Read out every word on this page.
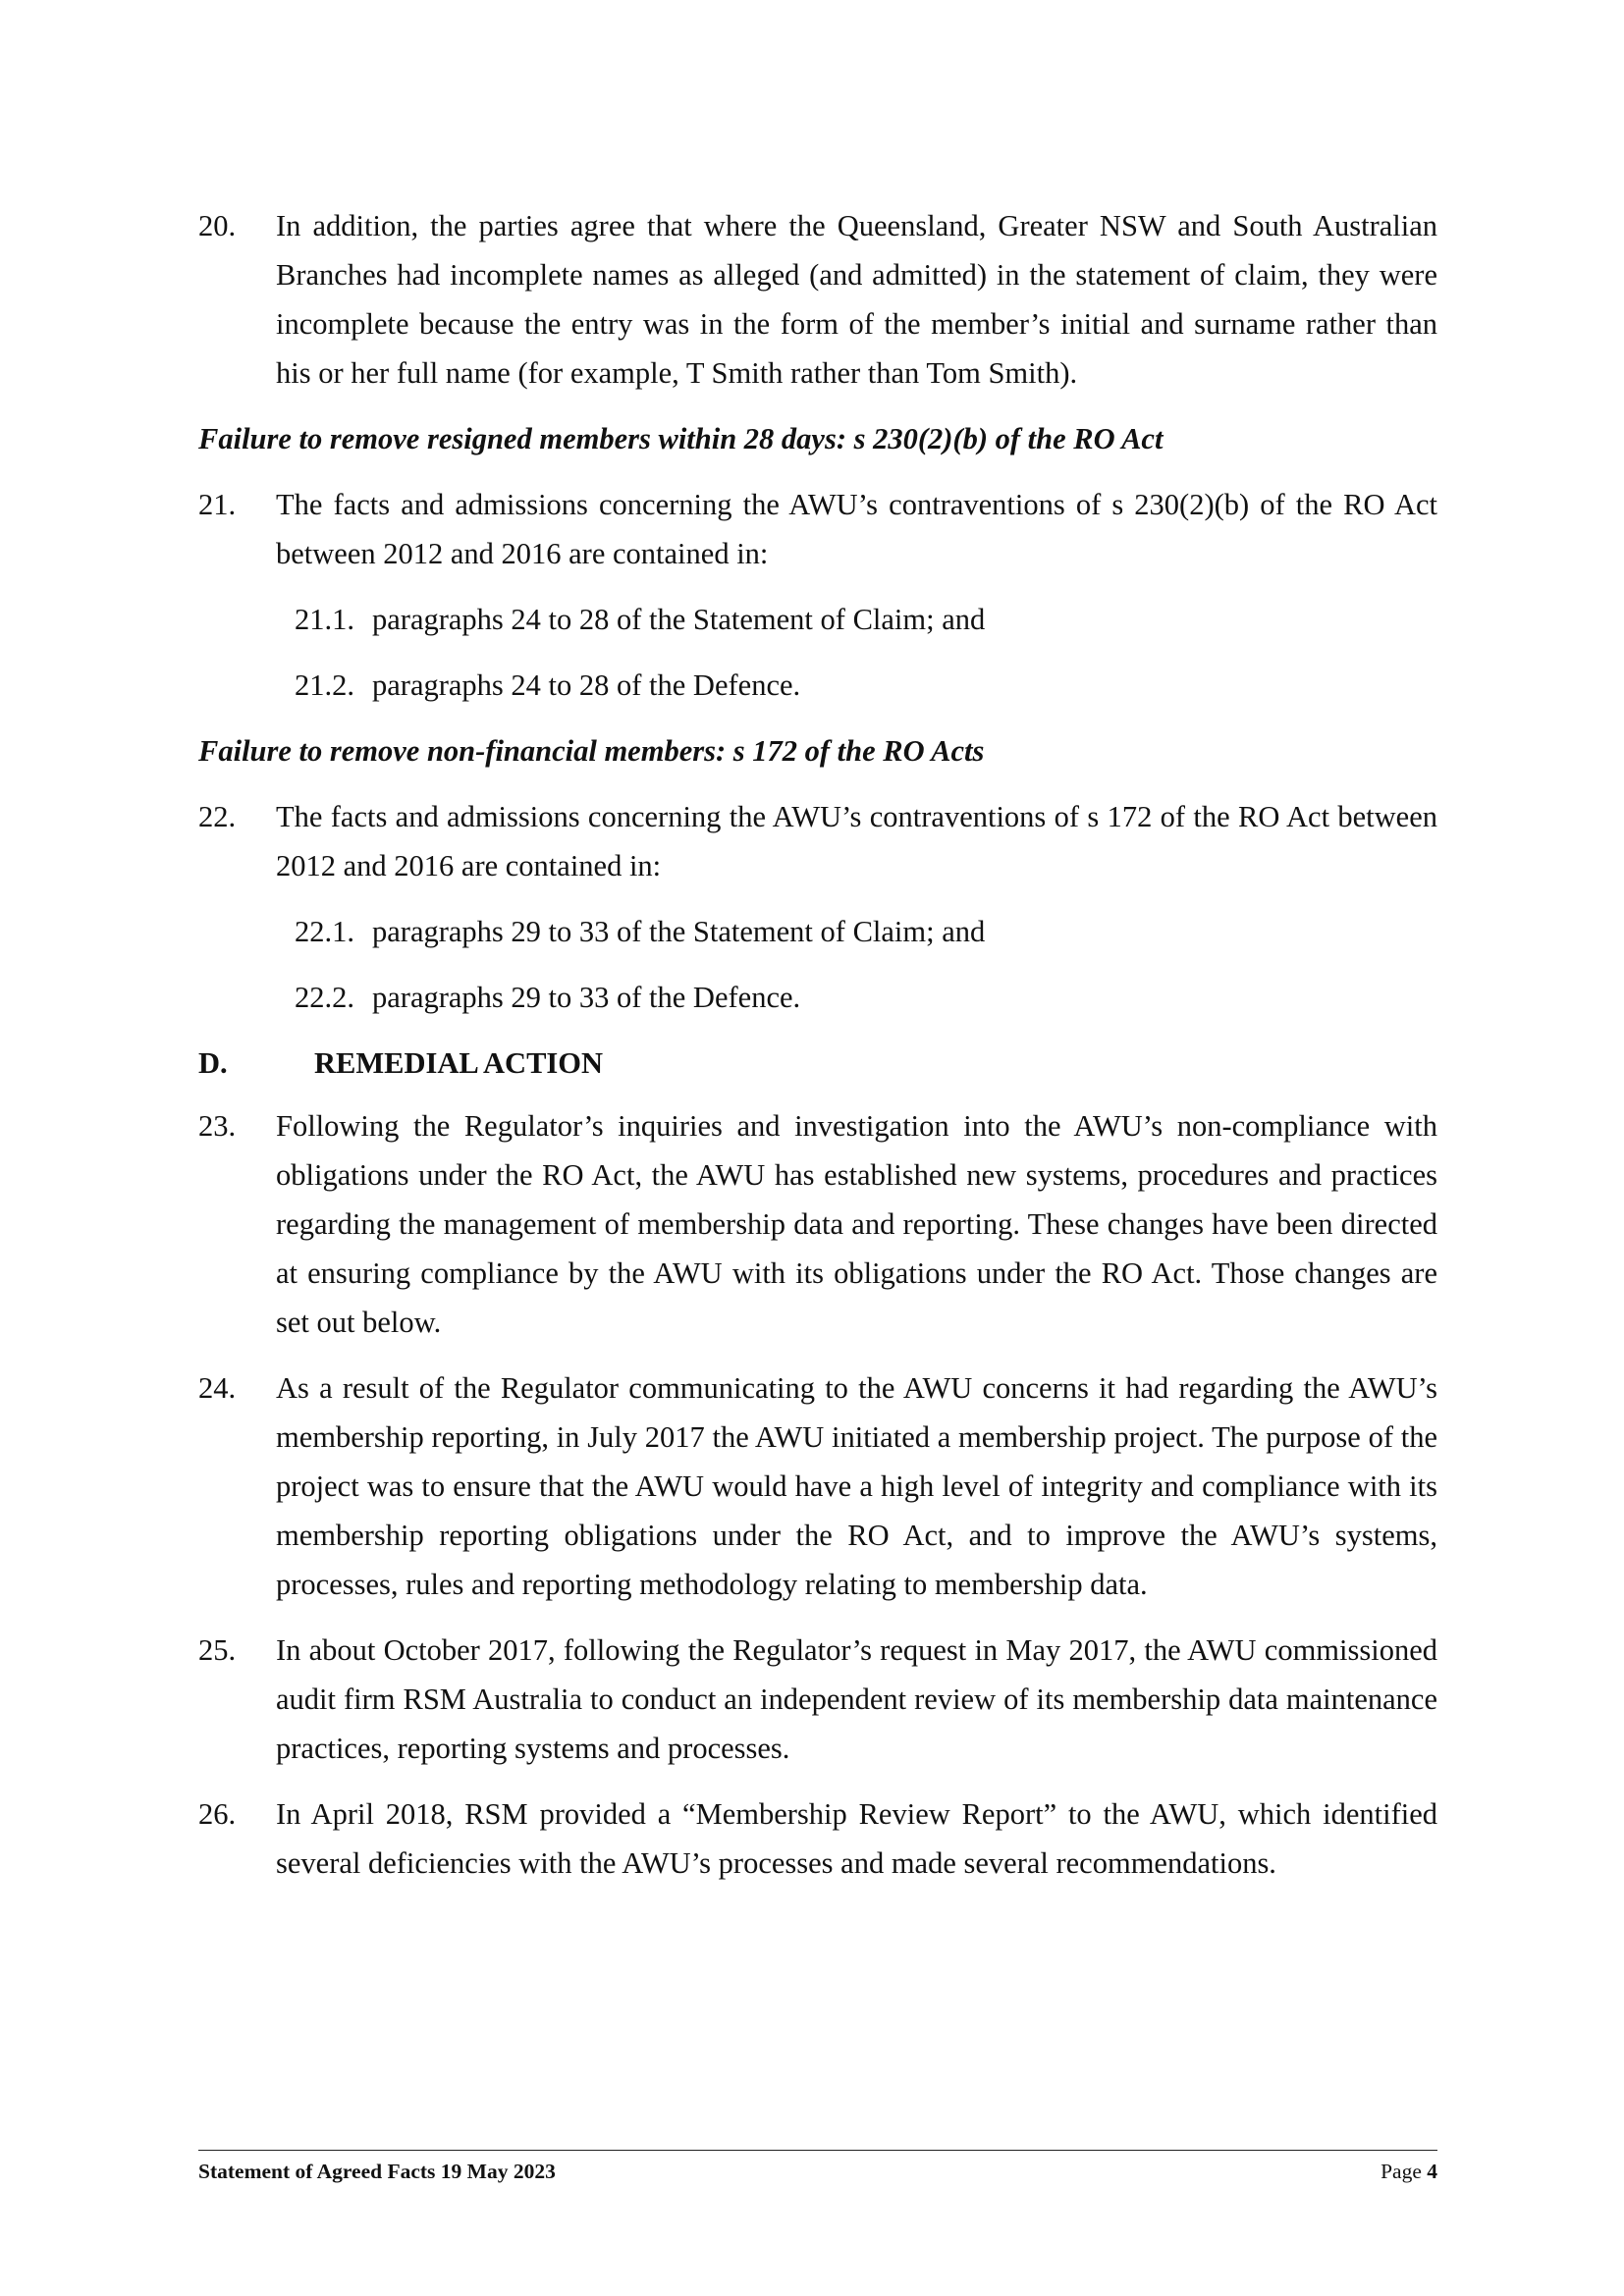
20. In addition, the parties agree that where the Queensland, Greater NSW and South Australian Branches had incomplete names as alleged (and admitted) in the statement of claim, they were incomplete because the entry was in the form of the member’s initial and surname rather than his or her full name (for example, T Smith rather than Tom Smith).
Failure to remove resigned members within 28 days: s 230(2)(b) of the RO Act
21. The facts and admissions concerning the AWU’s contraventions of s 230(2)(b) of the RO Act between 2012 and 2016 are contained in:
21.1. paragraphs 24 to 28 of the Statement of Claim; and
21.2. paragraphs 24 to 28 of the Defence.
Failure to remove non-financial members: s 172 of the RO Acts
22. The facts and admissions concerning the AWU’s contraventions of s 172 of the RO Act between 2012 and 2016 are contained in:
22.1. paragraphs 29 to 33 of the Statement of Claim; and
22.2. paragraphs 29 to 33 of the Defence.
D.	REMEDIAL ACTION
23. Following the Regulator’s inquiries and investigation into the AWU’s non-compliance with obligations under the RO Act, the AWU has established new systems, procedures and practices regarding the management of membership data and reporting. These changes have been directed at ensuring compliance by the AWU with its obligations under the RO Act. Those changes are set out below.
24. As a result of the Regulator communicating to the AWU concerns it had regarding the AWU’s membership reporting, in July 2017 the AWU initiated a membership project. The purpose of the project was to ensure that the AWU would have a high level of integrity and compliance with its membership reporting obligations under the RO Act, and to improve the AWU’s systems, processes, rules and reporting methodology relating to membership data.
25. In about October 2017, following the Regulator’s request in May 2017, the AWU commissioned audit firm RSM Australia to conduct an independent review of its membership data maintenance practices, reporting systems and processes.
26. In April 2018, RSM provided a “Membership Review Report” to the AWU, which identified several deficiencies with the AWU’s processes and made several recommendations.
Statement of Agreed Facts 19 May 2023	Page 4
